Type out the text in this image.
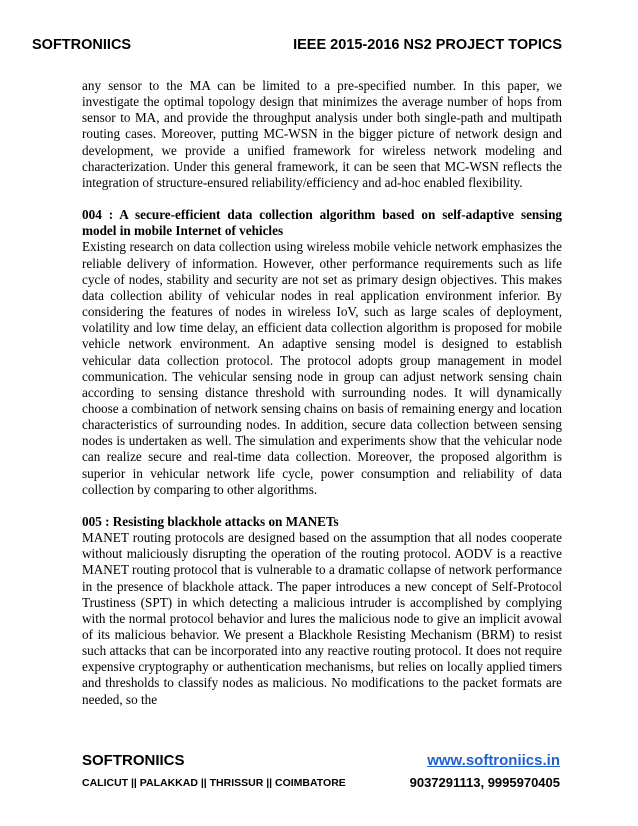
SOFTRONIICS	IEEE 2015-2016 NS2 PROJECT TOPICS

any sensor to the MA can be limited to a pre-specified number. In this paper, we investigate the optimal topology design that minimizes the average number of hops from sensor to MA, and provide the throughput analysis under both single-path and multipath routing cases. Moreover, putting MC-WSN in the bigger picture of network design and development, we provide a unified framework for wireless network modeling and characterization. Under this general framework, it can be seen that MC-WSN reflects the integration of structure-ensured reliability/efficiency and ad-hoc enabled flexibility.

004 : A secure-efficient data collection algorithm based on self-adaptive sensing model in mobile Internet of vehicles

Existing research on data collection using wireless mobile vehicle network emphasizes the reliable delivery of information. However, other performance requirements such as life cycle of nodes, stability and security are not set as primary design objectives. This makes data collection ability of vehicular nodes in real application environment inferior. By considering the features of nodes in wireless IoV, such as large scales of deployment, volatility and low time delay, an efficient data collection algorithm is proposed for mobile vehicle network environment. An adaptive sensing model is designed to establish vehicular data collection protocol. The protocol adopts group management in model communication. The vehicular sensing node in group can adjust network sensing chain according to sensing distance threshold with surrounding nodes. It will dynamically choose a combination of network sensing chains on basis of remaining energy and location characteristics of surrounding nodes. In addition, secure data collection between sensing nodes is undertaken as well. The simulation and experiments show that the vehicular node can realize secure and real-time data collection. Moreover, the proposed algorithm is superior in vehicular network life cycle, power consumption and reliability of data collection by comparing to other algorithms.

005 : Resisting blackhole attacks on MANETs

MANET routing protocols are designed based on the assumption that all nodes cooperate without maliciously disrupting the operation of the routing protocol. AODV is a reactive MANET routing protocol that is vulnerable to a dramatic collapse of network performance in the presence of blackhole attack. The paper introduces a new concept of Self-Protocol Trustiness (SPT) in which detecting a malicious intruder is accomplished by complying with the normal protocol behavior and lures the malicious node to give an implicit avowal of its malicious behavior. We present a Blackhole Resisting Mechanism (BRM) to resist such attacks that can be incorporated into any reactive routing protocol. It does not require expensive cryptography or authentication mechanisms, but relies on locally applied timers and thresholds to classify nodes as malicious. No modifications to the packet formats are needed, so the

SOFTRONIICS	www.softroniics.in
CALICUT || PALAKKAD || THRISSUR || COIMBATORE	9037291113, 9995970405
